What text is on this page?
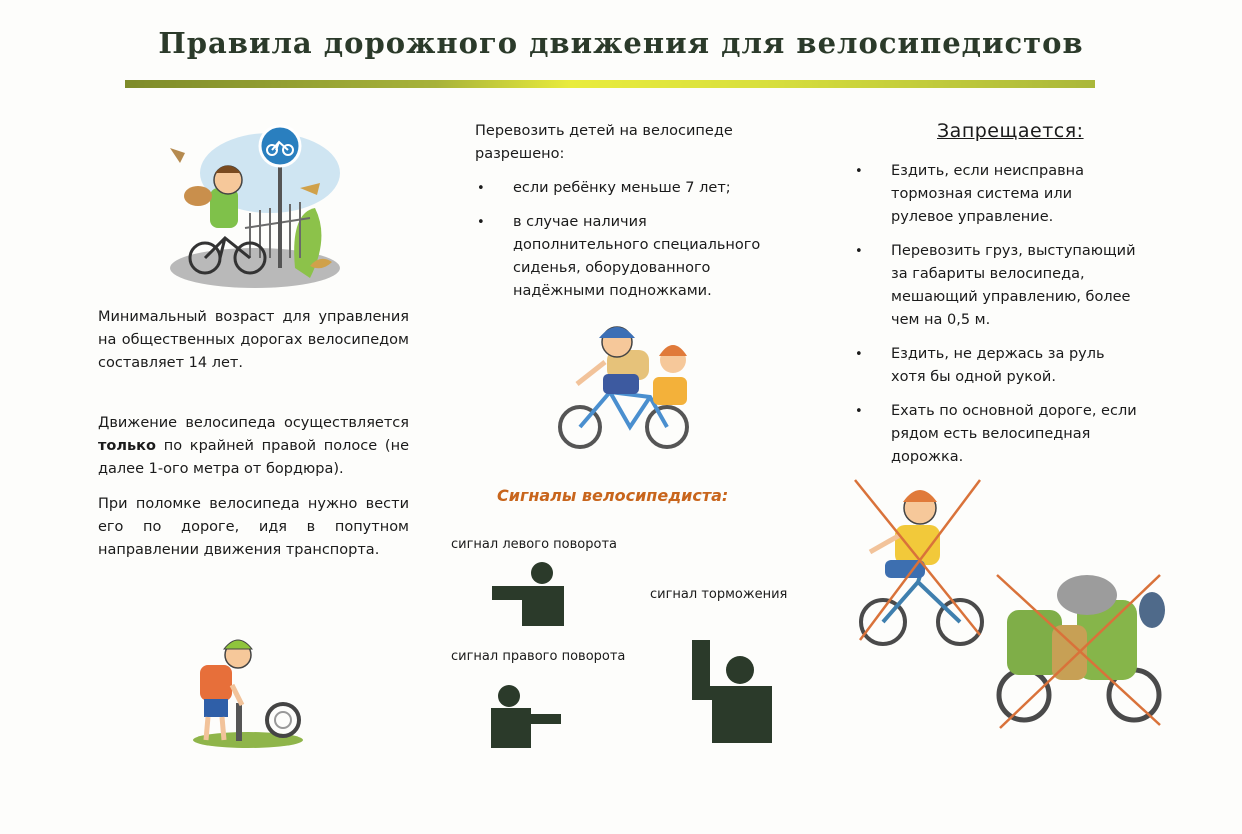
Правила дорожного движения для велосипедистов

Минимальный возраст для управления на общественных дорогах велосипедом составляет 14 лет.

Движение велосипеда осуществляется только по крайней правой полосе (не далее 1-ого метра от бордюра).

При поломке велосипеда нужно вести его по дороге, идя в попутном направлении движения транспорта.

Перевозить детей на велосипеде разрешено:

• если ребёнку меньше 7 лет;
• в случае наличия дополнительного специального сиденья, оборудованного надёжными подножками.
Сигналы велосипедиста:
сигнал левого поворота
сигнал торможения
сигнал правого поворота
Запрещается:
• Ездить, если неисправна тормозная система или рулевое управление.
• Перевозить груз, выступающий за габариты велосипеда, мешающий управлению, более чем на 0,5 м.
• Ездить, не держась за руль хотя бы одной рукой.
• Ехать по основной дороге, если рядом есть велосипедная дорожка.
